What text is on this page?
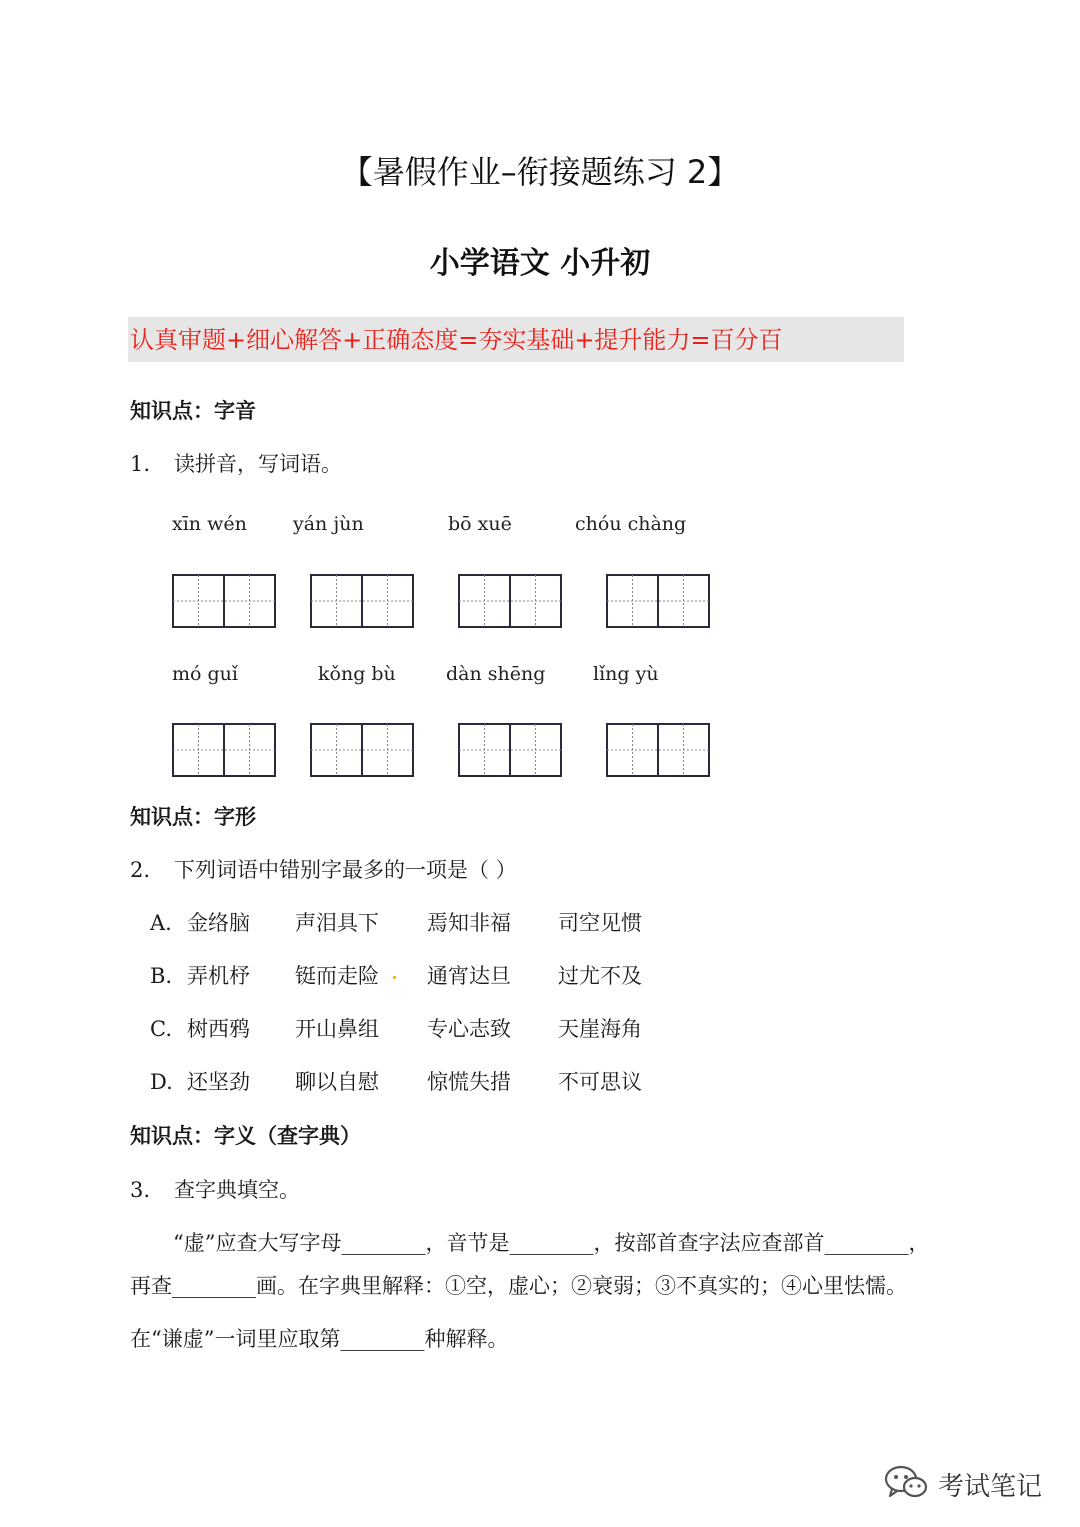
【暑假作业–衔接题练习 2】
小学语文 小升初
认真审题+细心解答+正确态度=夯实基础+提升能力=百分百
知识点：字音
1. 读拼音，写词语。
xīn wén yán jùn	bō xuē	chóu chàng
mó guǐ	kǒng bù	dàn shēng	lǐng yù
知识点：字形
2. 下列词语中错别字最多的一项是（ ）
A. 金络脑 声泪具下 焉知非福 司空见惯
B. 弄机杼 铤而走险 通宵达旦 过尤不及
C. 树西鸦 开山鼻组 专心志致 天崖海角
D. 还坚劲 聊以自慰 惊慌失措 不可思议
知识点：字义（查字典）
3. 查字典填空。
“虚”应查大写字母________，音节是________，按部首查字法应查部首________，
再查________画。在字典里解释：①空，虚心；②衰弱；③不真实的；④心里怯懦。
在“谦虚”一词里应取第________种解释。
考试笔记
